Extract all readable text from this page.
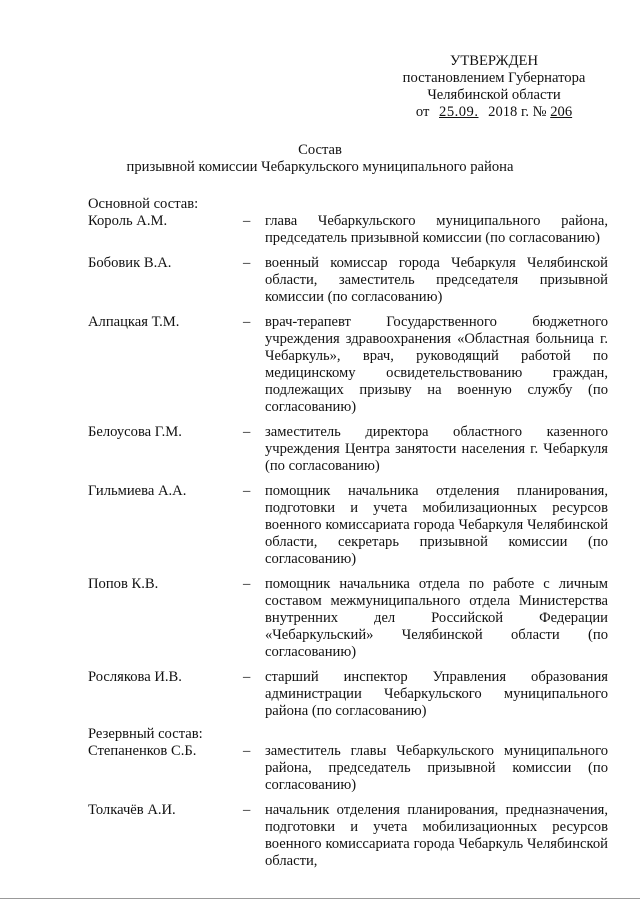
УТВЕРЖДЕН
постановлением Губернатора
Челябинской области
от 25.09. 2018 г. № 206
Состав
призывной комиссии Чебаркульского муниципального района
Основной состав:
Король А.М.	–	глава Чебаркульского муниципального района, председатель призывной комиссии (по согласованию)
Бобовик В.А.	–	военный комиссар города Чебаркуля Челябинской области, заместитель председателя призывной комиссии (по согласованию)
Алпацкая Т.М.	–	врач-терапевт Государственного бюджетного учреждения здравоохранения «Областная больница г. Чебаркуль», врач, руководящий работой по медицинскому освидетельствованию граждан, подлежащих призыву на военную службу (по согласованию)
Белоусова Г.М.	–	заместитель директора областного казенного учреждения Центра занятости населения г. Чебаркуля (по согласованию)
Гильмиева А.А.	–	помощник начальника отделения планирования, подготовки и учета мобилизационных ресурсов военного комиссариата города Чебаркуля Челябинской области, секретарь призывной комиссии (по согласованию)
Попов К.В.	–	помощник начальника отдела по работе с личным составом межмуниципального отдела Министерства внутренних дел Российской Федерации «Чебаркульский» Челябинской области (по согласованию)
Рослякова И.В.	–	старший инспектор Управления образования администрации Чебаркульского муниципального района (по согласованию)
Резервный состав:
Степаненков С.Б.	–	заместитель главы Чебаркульского муниципального района, председатель призывной комиссии (по согласованию)
Толкачёв А.И.	–	начальник отделения планирования, предназначения, подготовки и учета мобилизационных ресурсов военного комиссариата города Чебаркуль Челябинской области,
